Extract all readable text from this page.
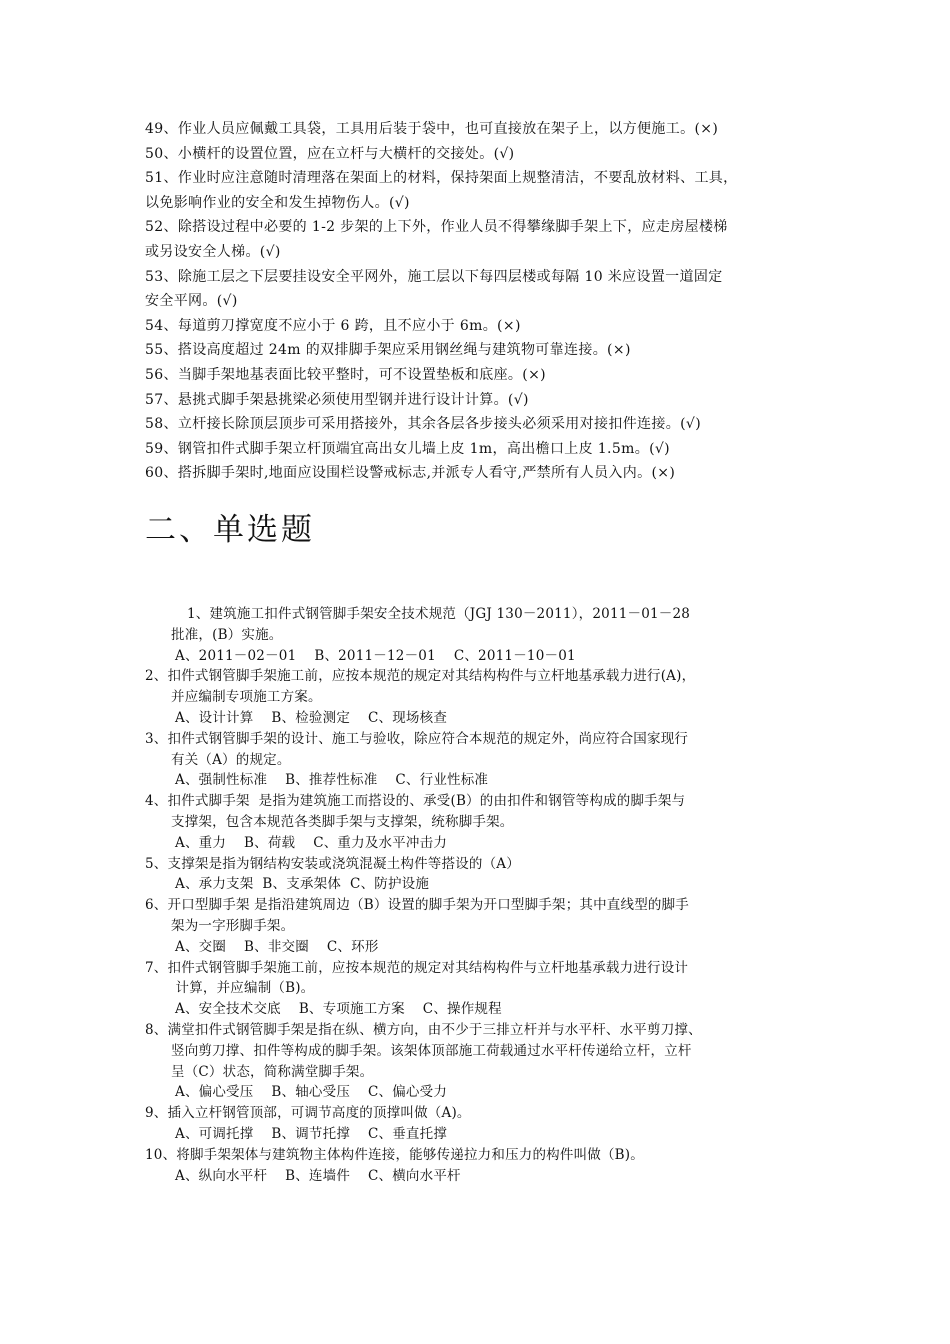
49、作业人员应佩戴工具袋，工具用后装于袋中，也可直接放在架子上，以方便施工。(×)

50、小横杆的设置位置，应在立杆与大横杆的交接处。(√)

51、作业时应注意随时清理落在架面上的材料，保持架面上规整清洁，不要乱放材料、工具，

以免影响作业的安全和发生掉物伤人。(√)

52、除搭设过程中必要的 1-2 步架的上下外，作业人员不得攀缘脚手架上下，应走房屋楼梯

或另设安全人梯。(√)

53、除施工层之下层要挂设安全平网外，施工层以下每四层楼或每隔 10 米应设置一道固定

安全平网。(√)

54、每道剪刀撑宽度不应小于 6 跨，且不应小于 6m。(×)

55、搭设高度超过 24m 的双排脚手架应采用钢丝绳与建筑物可靠连接。(×)

56、当脚手架地基表面比较平整时，可不设置垫板和底座。(×)

57、悬挑式脚手架悬挑梁必须使用型钢并进行设计计算。(√)

58、立杆接长除顶层顶步可采用搭接外，其余各层各步接头必须采用对接扣件连接。(√)

59、钢管扣件式脚手架立杆顶端宜高出女儿墙上皮 1m，高出檐口上皮 1.5m。(√)

60、搭拆脚手架时,地面应设围栏设警戒标志,并派专人看守,严禁所有人员入内。(×)

二、单选题

1、建筑施工扣件式钢管脚手架安全技术规范（JGJ 130－2011），2011－01－28

批准，(B）实施。

A、2011－02－01    B、2011－12－01    C、2011－10－01

2、扣件式钢管脚手架施工前，应按本规范的规定对其结构构件与立杆地基承载力进行(A)，

并应编制专项施工方案。

A、设计计算    B、检验测定    C、现场核查

3、扣件式钢管脚手架的设计、施工与验收，除应符合本规范的规定外，尚应符合国家现行

有关（A）的规定。

A、强制性标准    B、推荐性标准    C、行业性标准

4、扣件式脚手架  是指为建筑施工而搭设的、承受(B）的由扣件和钢管等构成的脚手架与

支撑架，包含本规范各类脚手架与支撑架，统称脚手架。

A、重力    B、荷载    C、重力及水平冲击力

5、支撑架是指为钢结构安装或浇筑混凝土构件等搭设的（A）

A、承力支架  B、支承架体  C、防护设施

6、开口型脚手架 是指沿建筑周边（B）设置的脚手架为开口型脚手架；其中直线型的脚手

架为一字形脚手架。

A、交圈    B、非交圈    C、环形

7、扣件式钢管脚手架施工前，应按本规范的规定对其结构构件与立杆地基承载力进行设计

计算，并应编制（B)。

A、安全技术交底    B、专项施工方案    C、操作规程

8、满堂扣件式钢管脚手架是指在纵、横方向，由不少于三排立杆并与水平杆、水平剪刀撑、

竖向剪刀撑、扣件等构成的脚手架。该架体顶部施工荷载通过水平杆传递给立杆，立杆

呈（C）状态，简称满堂脚手架。

A、偏心受压    B、轴心受压    C、偏心受力

9、插入立杆钢管顶部，可调节高度的顶撑叫做（A)。

A、可调托撑    B、调节托撑    C、垂直托撑

10、将脚手架架体与建筑物主体构件连接，能够传递拉力和压力的构件叫做（B)。

A、纵向水平杆    B、连墙件    C、横向水平杆
